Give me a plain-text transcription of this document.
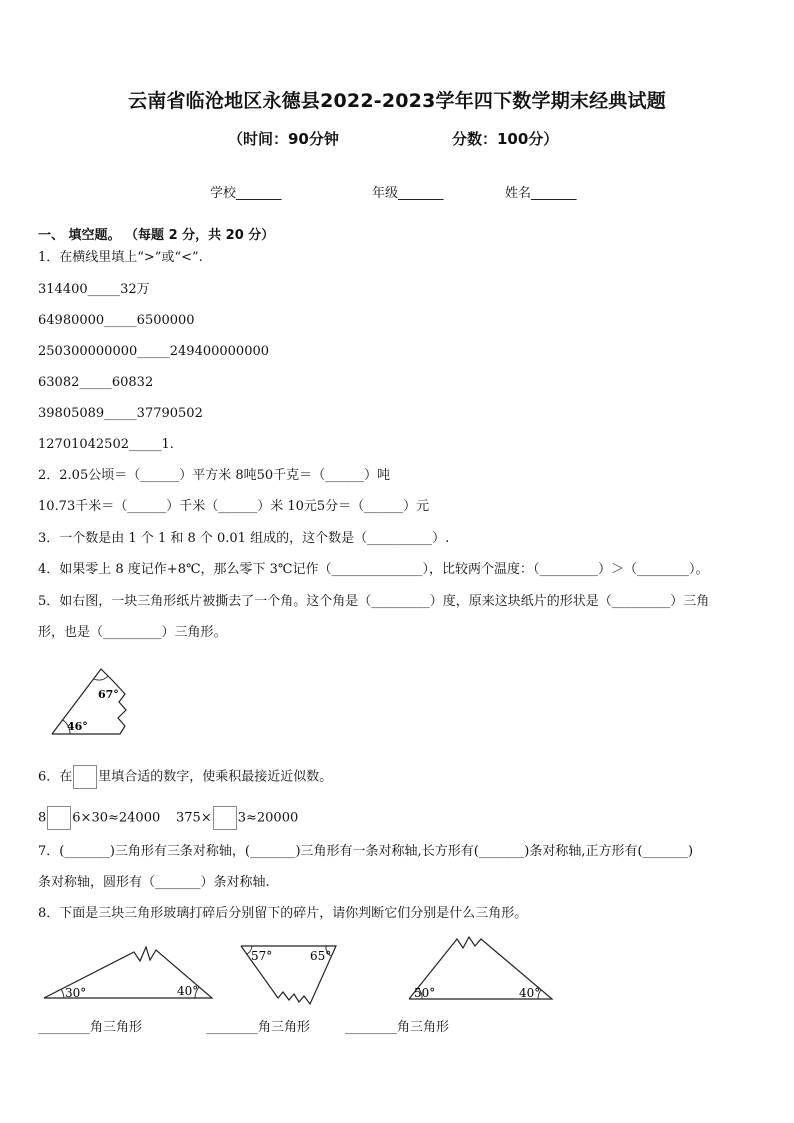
云南省临沧地区永德县2022-2023学年四下数学期末经典试题
（时间：90分钟	分数：100分）
学校_______	年级_______	姓名_______
一、 填空题。 （每题 2 分，共 20 分）
1．在横线里填上“>”或“<”.
314400_____32万
64980000_____6500000
250300000000_____249400000000
63082_____60832
39805089_____37790502
12701042502_____1.
2．2.05公顷＝（______）平方米 8吨50千克＝（______）吨
10.73千米＝（______）千米（______）米 10元5分＝（______）元
3．一个数是由 1 个 1 和 8 个 0.01 组成的，这个数是（__________）.
4．如果零上 8 度记作+8℃，那么零下 3℃记作（______________），比较两个温度：（_________）＞（________）。
5．如右图，一块三角形纸片被撕去了一个角。这个角是（_________）度，原来这块纸片的形状是（_________）三角
形，也是（_________）三角形。
67°
46°
6．在 里填合适的数字，使乘积最接近近似数。
8 6×30≈24000 375× 3≈20000
7．(_______)三角形有三条对称轴，(_______)三角形有一条对称轴,长方形有(_______)条对称轴,正方形有(_______)
条对称轴，圆形有（_______）条对称轴.
8．下面是三块三角形玻璃打碎后分别留下的碎片，请你判断它们分别是什么三角形。
30°	40°
57°	65°
50°	40°
________角三角形	________角三角形	________角三角形
